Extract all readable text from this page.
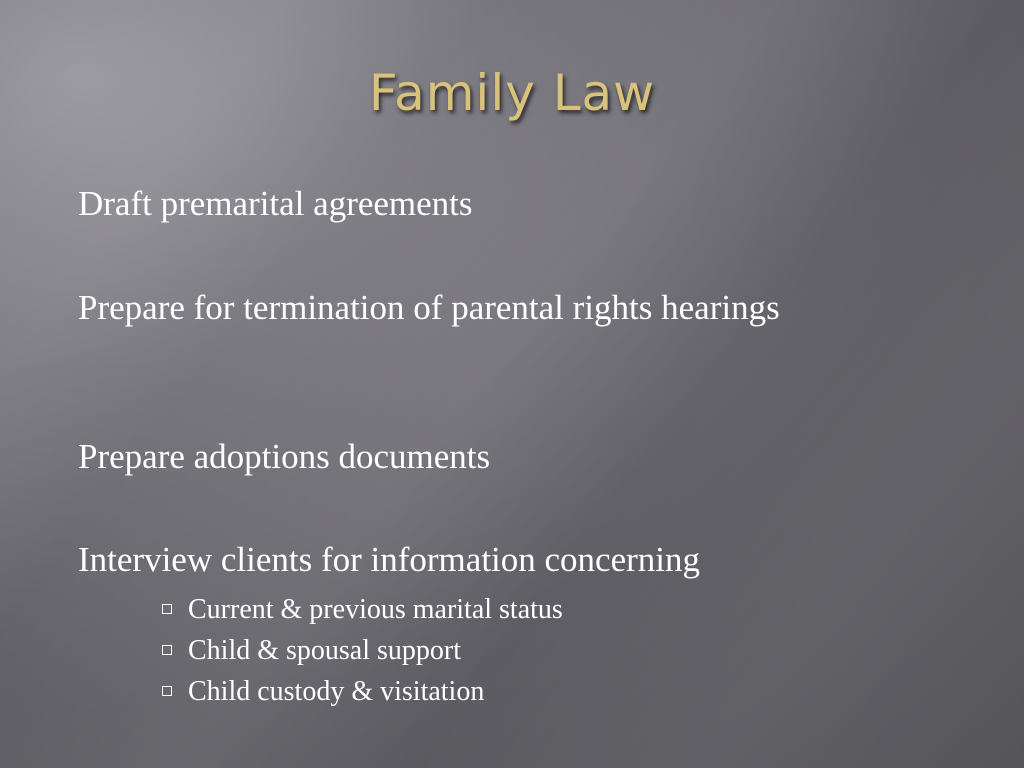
Family Law

Draft premarital agreements

Prepare for termination of parental rights hearings

Prepare adoptions documents

Interview clients for information concerning

Current & previous marital status
Child & spousal support
Child custody & visitation
